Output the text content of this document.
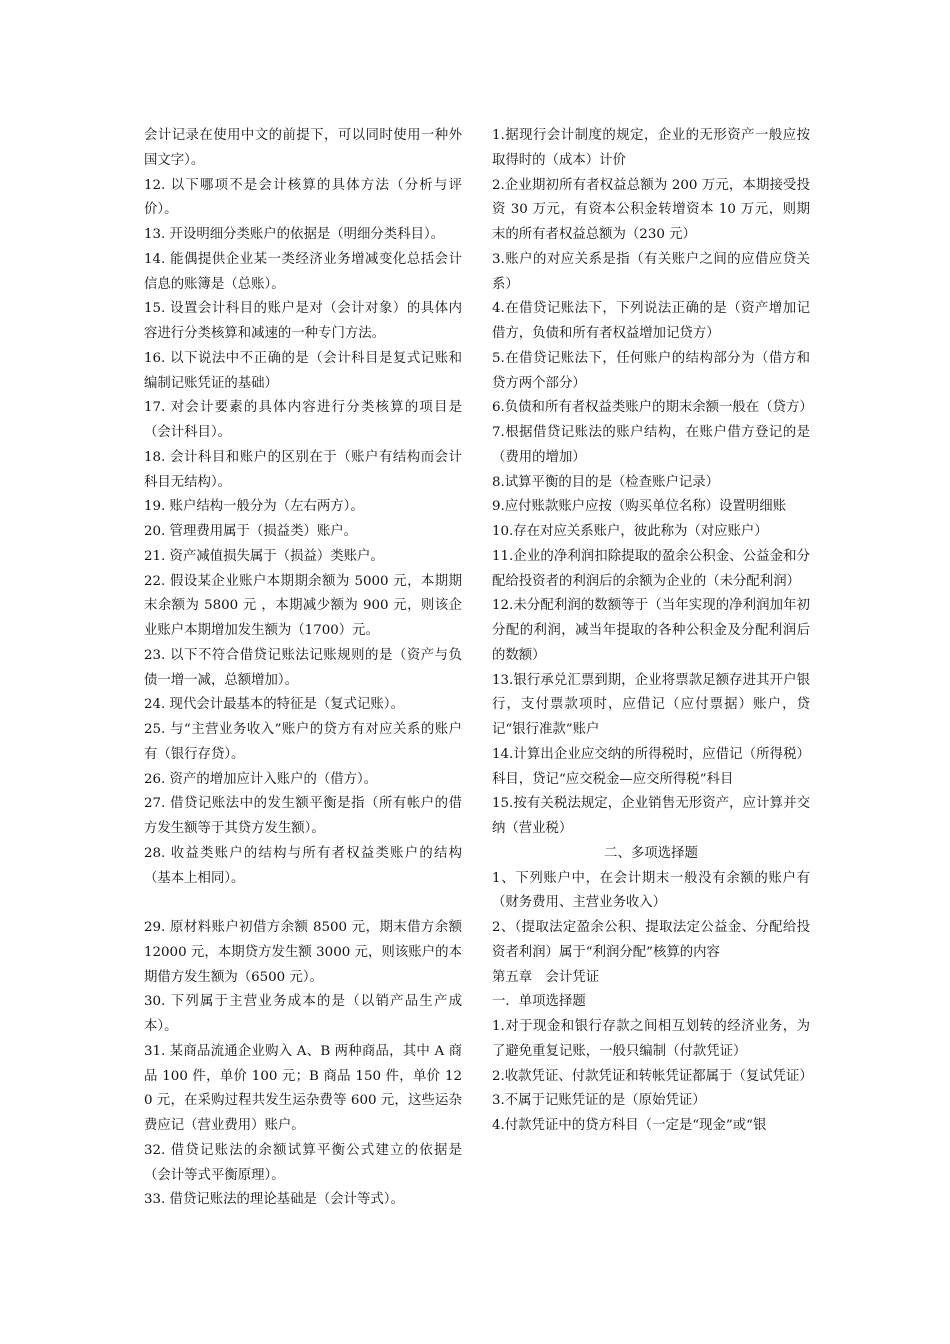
会计记录在使用中文的前提下，可以同时使用一种外国文字）。

12. 以下哪项不是会计核算的具体方法（分析与评价）。

13. 开设明细分类账户的依据是（明细分类科目）。

14. 能偶提供企业某一类经济业务增减变化总括会计信息的账簿是（总账）。

15. 设置会计科目的账户是对（会计对象）的具体内容进行分类核算和减速的一种专门方法。

16. 以下说法中不正确的是（会计科目是复式记账和编制记账凭证的基础）

17. 对会计要素的具体内容进行分类核算的项目是（会计科目）。

18. 会计科目和账户的区别在于（账户有结构而会计科目无结构）。

19. 账户结构一般分为（左右两方）。

20. 管理费用属于（损益类）账户。

21. 资产减值损失属于（损益）类账户。

22. 假设某企业账户本期期余额为 5000 元，本期期末余额为 5800 元 ，本期减少额为 900 元，则该企业账户本期增加发生额为（1700）元。

23. 以下不符合借贷记账法记账规则的是（资产与负债一增一减，总额增加）。

24. 现代会计最基本的特征是（复式记账）。

25. 与“主营业务收入”账户的贷方有对应关系的账户有（银行存贷）。

26. 资产的增加应计入账户的（借方）。

27. 借贷记账法中的发生额平衡是指（所有帐户的借方发生额等于其贷方发生额）。

28. 收益类账户的结构与所有者权益类账户的结构（基本上相同）。

29. 原材料账户初借方余额 8500 元，期末借方余额 12000 元，本期贷方发生额 3000 元，则该账户的本期借方发生额为（6500 元）。

30. 下列属于主营业务成本的是（以销产品生产成本）。

31. 某商品流通企业购入 A、B 两种商品，其中 A 商品 100 件，单价 100 元；B 商品 150 件，单价 120 元，在采购过程共发生运杂费等 600 元，这些运杂费应记（营业费用）账户。

32. 借贷记账法的余额试算平衡公式建立的依据是（会计等式平衡原理）。

33. 借贷记账法的理论基础是（会计等式）。

1.据现行会计制度的规定，企业的无形资产一般应按取得时的（成本）计价

2.企业期初所有者权益总额为 200 万元，本期接受投资 30 万元，有资本公积金转增资本 10 万元，则期末的所有者权益总额为（230 元）

3.账户的对应关系是指（有关账户之间的应借应贷关系）

4.在借贷记账法下，下列说法正确的是（资产增加记借方，负债和所有者权益增加记贷方）

5.在借贷记账法下，任何账户的结构部分为（借方和贷方两个部分）

6.负债和所有者权益类账户的期末余额一般在（贷方）

7.根据借贷记账法的账户结构，在账户借方登记的是（费用的增加）

8.试算平衡的目的是（检查账户记录）

9.应付账款账户应按（购买单位名称）设置明细账

10.存在对应关系账户，彼此称为（对应账户）

11.企业的净利润扣除提取的盈余公积金、公益金和分配给投资者的利润后的余额为企业的（未分配利润）

12.未分配利润的数额等于（当年实现的净利润加年初分配的利润，减当年提取的各种公积金及分配利润后的数额）

13.银行承兑汇票到期，企业将票款足额存进其开户银行，支付票款项时，应借记（应付票据）账户，贷记“银行准款”账户

14.计算出企业应交纳的所得税时，应借记（所得税）科目，贷记“应交税金—应交所得税”科目

15.按有关税法规定，企业销售无形资产，应计算并交纳（营业税）

二、多项选择题

1、下列账户中，在会计期末一般没有余额的账户有（财务费用、主营业务收入）

2、（提取法定盈余公积、提取法定公益金、分配给投资者利润）属于“利润分配”核算的内容

第五章　会计凭证

一．单项选择题

1.对于现金和银行存款之间相互划转的经济业务，为了避免重复记账，一般只编制（付款凭证）

2.收款凭证、付款凭证和转帐凭证都属于（复试凭证）

3.不属于记账凭证的是（原始凭证）

4.付款凭证中的贷方科目（一定是“现金”或“银
